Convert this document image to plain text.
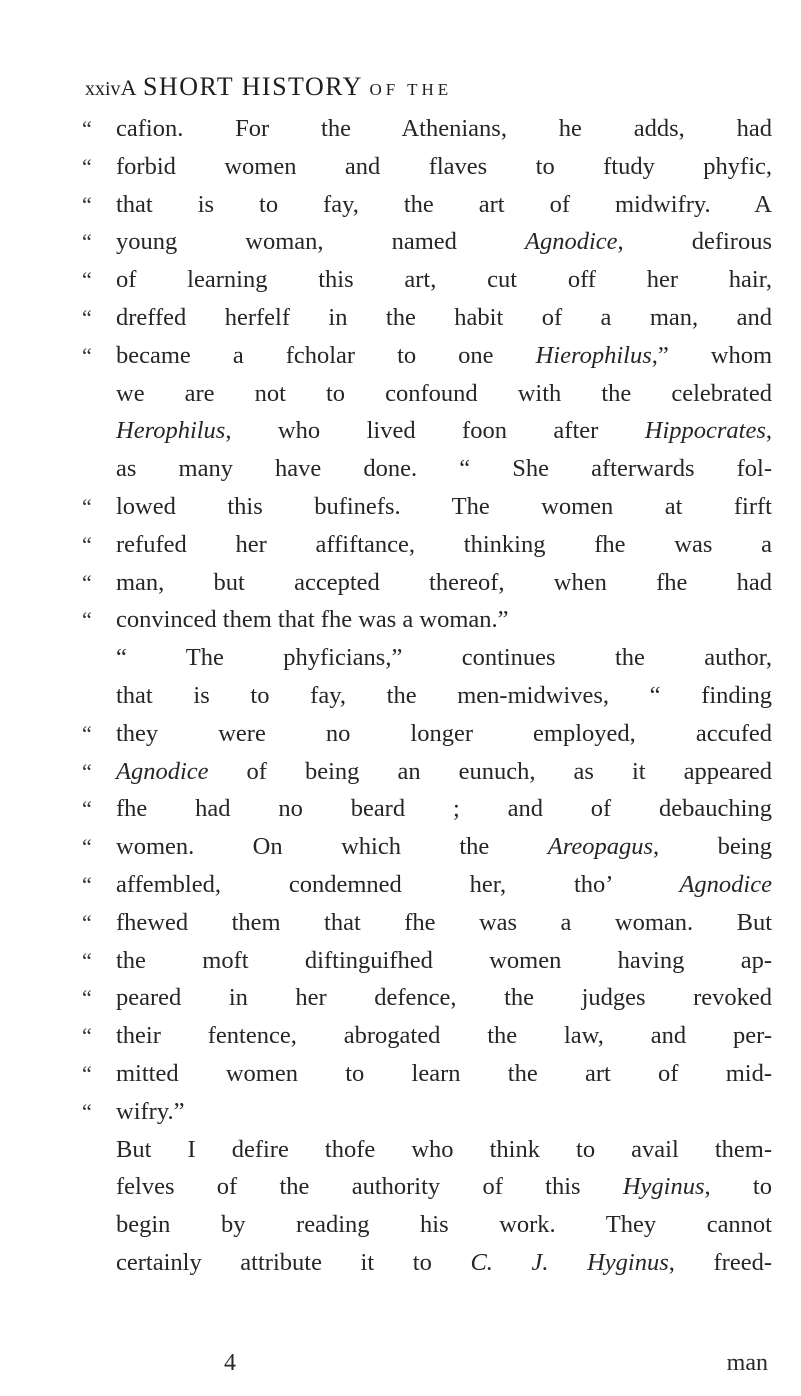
xxivA SHORT HISTORY OF THE
“ cafion. For the Athenians, he adds, had
“ forbid women and flaves to ftudy phyfic,
“ that is to fay, the art of midwifry. A
“ young woman, named Agnodice, defirous
“ of learning this art, cut off her hair,
“ dreffed herfelf in the habit of a man, and
“ became a fcholar to one Hierophilus,” whom
we are not to confound with the celebrated
Herophilus, who lived foon after Hippocrates,
as many have done. “ She afterwards fol-
“ lowed this bufinefs. The women at firft
“ refufed her affiftance, thinking fhe was a
“ man, but accepted thereof, when fhe had
“ convinced them that fhe was a woman.”
“ The phyficians,” continues the author,
that is to fay, the men-midwives, “ finding
“ they were no longer employed, accufed
“ Agnodice of being an eunuch, as it appeared
“ fhe had no beard ; and of debauching
“ women. On which the Areopagus, being
“ affembled, condemned her, tho’ Agnodice
“ fhewed them that fhe was a woman. But
“ the moft diftinguifhed women having ap-
“ peared in her defence, the judges revoked
“ their fentence, abrogated the law, and per-
“ mitted women to learn the art of mid-
“ wifry.”
But I defire thofe who think to avail them-
felves of the authority of this Hyginus, to
begin by reading his work. They cannot
certainly attribute it to C. J. Hyginus, freed-
4	man
